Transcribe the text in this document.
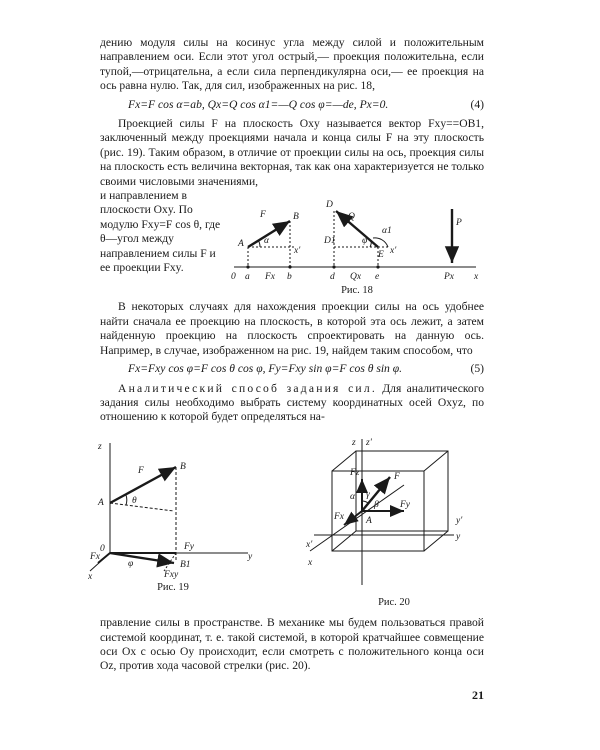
дению модуля силы на косинус угла между силой и положительным направлением оси. Если этот угол острый,— проекция положительна, если тупой,—отрицательна, а если сила перпендикулярна оси,— ее проекция на ось равна нулю. Так, для сил, изображенных на рис. 18,

Fx=F cos α=ab, Qx=Q cos α1=—Q cos φ=—de, Px=0.	(4)

Проекцией силы F на плоскость Oxy называется вектор Fxy==OB1, заключенный между проекциями начала и конца силы F на эту плоскость (рис. 19). Таким образом, в отличие от проекции силы на ось, проекция силы на плоскость есть величина векторная, так как она характеризуется не только своими числовыми значениями,

и направлением в плоскости Oxy. По модулю Fxy=F cos θ, где θ—угол между направлением силы F и ее проекции Fxy.

F	B
A α
x'
0 a Fx b
Q
D
D1
α1
φ
E x'
d Qx e
P
Px x
Рис. 18

В некоторых случаях для нахождения проекции силы на ось удобнее найти сначала ее проекцию на плоскость, в которой эта ось лежит, а затем найденную проекцию на плоскость спроектировать на данную ось. Например, в случае, изображенном на рис. 19, найдем таким способом, что

Fx=Fxy cos φ=F cos θ cos φ, Fy=Fxy sin φ=F cos θ sin φ.	(5)

Аналитический способ задания сил. Для аналитического задания силы необходимо выбрать систему координатных осей Oxyz, по отношению к которой будет определяться на-

z
F	B
A	θ
0	Fy
Fx
φ	B1
Fxy
x
y
Рис. 19
z'
z
Fz	F
α γ
β
A
Fx
Fy
y'
x'
y
x
Рис. 20

правление силы в пространстве. В механике мы будем пользоваться правой системой координат, т. е. такой системой, в которой кратчайшее совмещение оси Ox с осью Oy происходит, если смотреть с положительного конца оси Oz, против хода часовой стрелки (рис. 20).

21
